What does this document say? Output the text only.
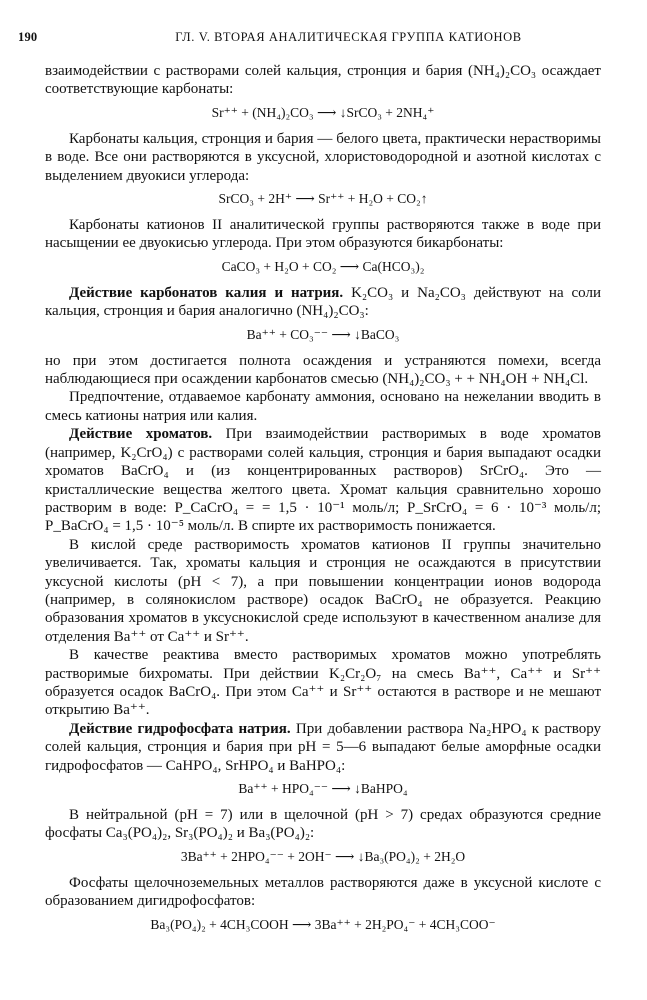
190	ГЛ. V. ВТОРАЯ АНАЛИТИЧЕСКАЯ ГРУППА КАТИОНОВ

взаимодействии с растворами солей кальция, стронция и бария (NH₄)₂CO₃ осаждает соответствующие карбонаты:

Sr⁺⁺ + (NH₄)₂CO₃ ⟶ ↓SrCO₃ + 2NH₄⁺

Карбонаты кальция, стронция и бария — белого цвета, практически нерастворимы в воде. Все они растворяются в уксусной, хлористоводородной и азотной кислотах с выделением двуокиси углерода:

SrCO₃ + 2H⁺ ⟶ Sr⁺⁺ + H₂O + CO₂↑

Карбонаты катионов II аналитической группы растворяются также в воде при насыщении ее двуокисью углерода. При этом образуются бикарбонаты:

CaCO₃ + H₂O + CO₂ ⟶ Ca(HCO₃)₂

Действие карбонатов калия и натрия. K₂CO₃ и Na₂CO₃ действуют на соли кальция, стронция и бария аналогично (NH₄)₂CO₃:

Ba⁺⁺ + CO₃⁻⁻ ⟶ ↓BaCO₃

но при этом достигается полнота осаждения и устраняются помехи, всегда наблюдающиеся при осаждении карбонатов смесью (NH₄)₂CO₃ + + NH₄OH + NH₄Cl.

Предпочтение, отдаваемое карбонату аммония, основано на нежелании вводить в смесь катионы натрия или калия.

Действие хроматов. При взаимодействии растворимых в воде хроматов (например, K₂CrO₄) с растворами солей кальция, стронция и бария выпадают осадки хроматов BaCrO₄ и (из концентрированных растворов) SrCrO₄. Это — кристаллические вещества желтого цвета. Хромат кальция сравнительно хорошо растворим в воде: P_CaCrO₄ = = 1,5 · 10⁻¹ моль/л; P_SrCrO₄ = 6 · 10⁻³ моль/л; P_BaCrO₄ = 1,5 · 10⁻⁵ моль/л. В спирте их растворимость понижается.

В кислой среде растворимость хроматов катионов II группы значительно увеличивается. Так, хроматы кальция и стронция не осаждаются в присутствии уксусной кислоты (pH < 7), а при повышении концентрации ионов водорода (например, в солянокислом растворе) осадок BaCrO₄ не образуется. Реакцию образования хроматов в уксуснокислой среде используют в качественном анализе для отделения Ba⁺⁺ от Ca⁺⁺ и Sr⁺⁺.

В качестве реактива вместо растворимых хроматов можно употреблять растворимые бихроматы. При действии K₂Cr₂O₇ на смесь Ba⁺⁺, Ca⁺⁺ и Sr⁺⁺ образуется осадок BaCrO₄. При этом Ca⁺⁺ и Sr⁺⁺ остаются в растворе и не мешают открытию Ba⁺⁺.

Действие гидрофосфата натрия. При добавлении раствора Na₂HPO₄ к раствору солей кальция, стронция и бария при pH = 5—6 выпадают белые аморфные осадки гидрофосфатов — CaHPO₄, SrHPO₄ и BaHPO₄:

Ba⁺⁺ + HPO₄⁻⁻ ⟶ ↓BaHPO₄

В нейтральной (pH = 7) или в щелочной (pH > 7) средах образуются средние фосфаты Ca₃(PO₄)₂, Sr₃(PO₄)₂ и Ba₃(PO₄)₂:

3Ba⁺⁺ + 2HPO₄⁻⁻ + 2OH⁻ ⟶ ↓Ba₃(PO₄)₂ + 2H₂O

Фосфаты щелочноземельных металлов растворяются даже в уксусной кислоте с образованием дигидрофосфатов:

Ba₃(PO₄)₂ + 4CH₃COOH ⟶ 3Ba⁺⁺ + 2H₂PO₄⁻ + 4CH₃COO⁻
